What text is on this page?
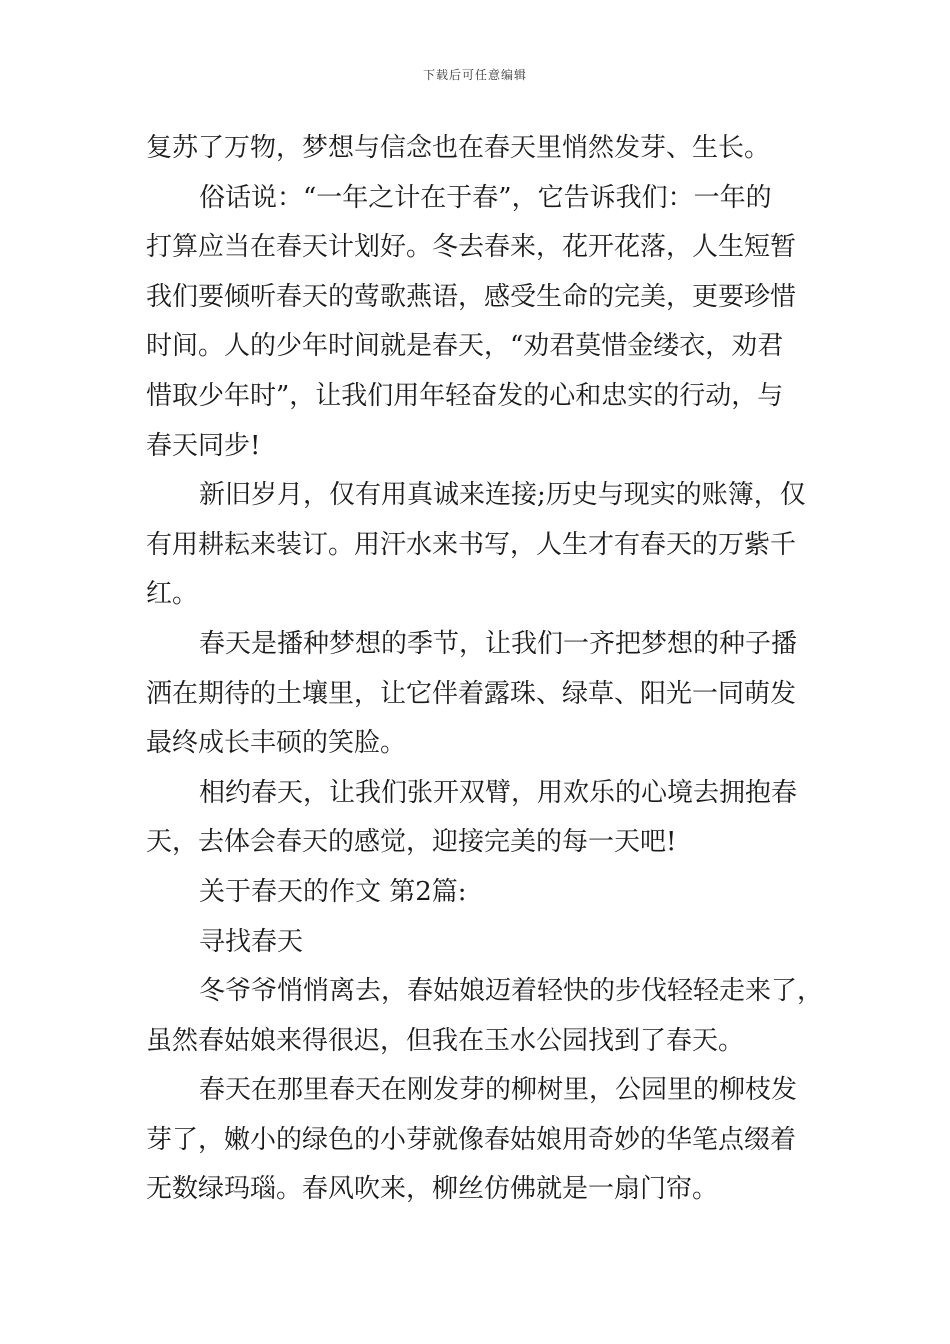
下载后可任意编辑
复苏了万物，梦想与信念也在春天里悄然发芽、生长。
俗话说：“一年之计在于春”，它告诉我们：一年的
打算应当在春天计划好。冬去春来，花开花落，人生短暂
我们要倾听春天的莺歌燕语，感受生命的完美，更要珍惜
时间。人的少年时间就是春天，“劝君莫惜金缕衣，劝君
惜取少年时”，让我们用年轻奋发的心和忠实的行动，与
春天同步!
新旧岁月，仅有用真诚来连接;历史与现实的账簿，仅
有用耕耘来装订。用汗水来书写，人生才有春天的万紫千
红。
春天是播种梦想的季节，让我们一齐把梦想的种子播
洒在期待的土壤里，让它伴着露珠、绿草、阳光一同萌发
最终成长丰硕的笑脸。
相约春天，让我们张开双臂，用欢乐的心境去拥抱春
天，去体会春天的感觉，迎接完美的每一天吧!
关于春天的作文 第2篇:
寻找春天
冬爷爷悄悄离去，春姑娘迈着轻快的步伐轻轻走来了，
虽然春姑娘来得很迟，但我在玉水公园找到了春天。
春天在那里春天在刚发芽的柳树里，公园里的柳枝发
芽了，嫩小的绿色的小芽就像春姑娘用奇妙的华笔点缀着
无数绿玛瑙。春风吹来，柳丝仿佛就是一扇门帘。
